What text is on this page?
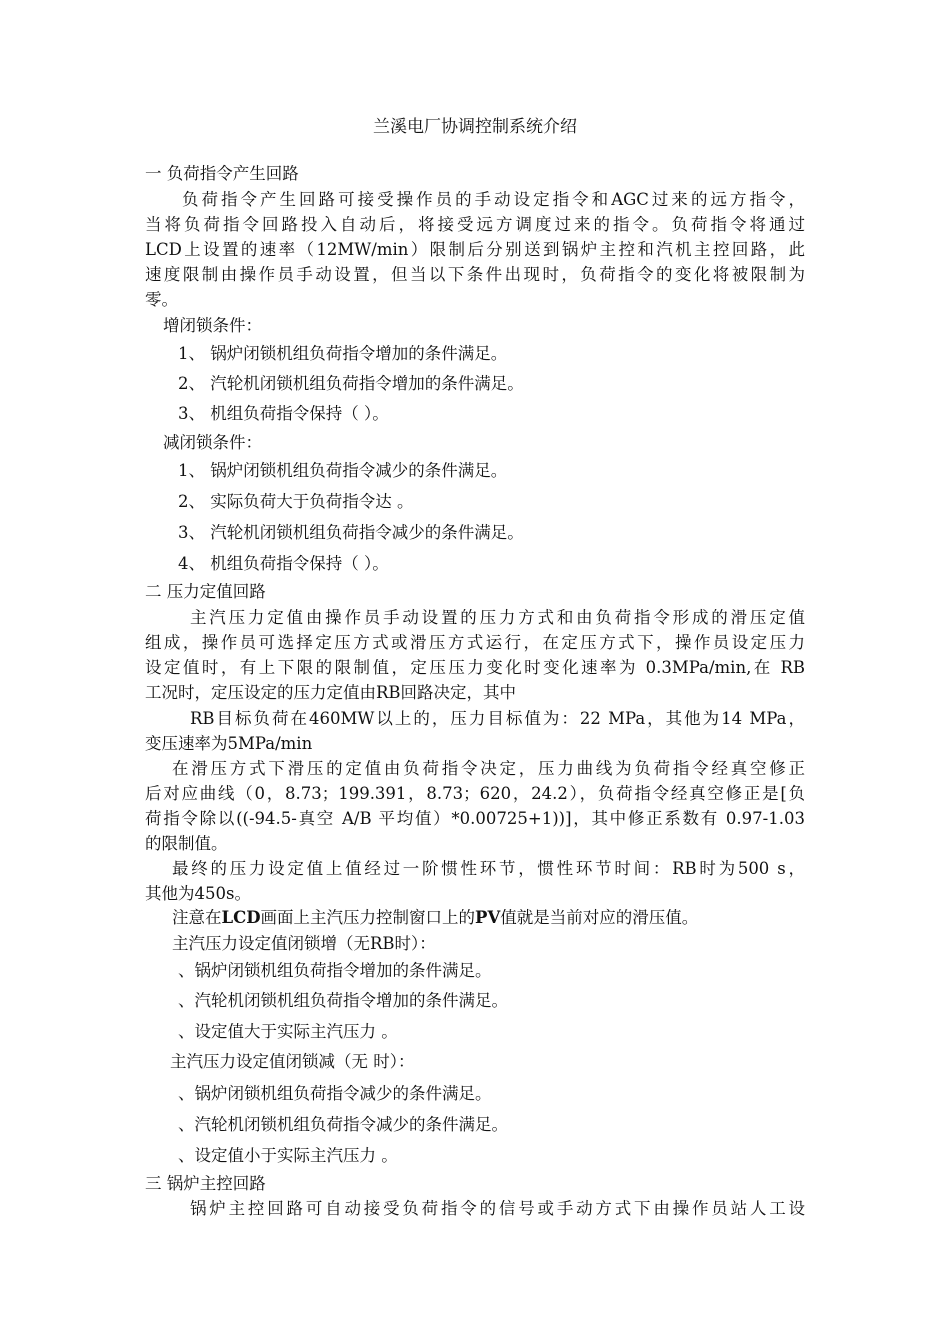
兰溪电厂协调控制系统介绍
一 负荷指令产生回路
负荷指令产生回路可接受操作员的手动设定指令和AGC过来的远方指令，
当将负荷指令回路投入自动后，将接受远方调度过来的指令。负荷指令将通过
LCD上设置的速率（12MW/min）限制后分别送到锅炉主控和汽机主控回路，此
速度限制由操作员手动设置，但当以下条件出现时，负荷指令的变化将被限制为
零。
增闭锁条件：
1、 锅炉闭锁机组负荷指令增加的条件满足。
2、 汽轮机闭锁机组负荷指令增加的条件满足。
3、 机组负荷指令保持（ ）。
减闭锁条件：
1、 锅炉闭锁机组负荷指令减少的条件满足。
2、 实际负荷大于负荷指令达 。
3、 汽轮机闭锁机组负荷指令减少的条件满足。
4、 机组负荷指令保持（ ）。
二 压力定值回路
主汽压力定值由操作员手动设置的压力方式和由负荷指令形成的滑压定值
组成，操作员可选择定压方式或滑压方式运行，在定压方式下，操作员设定压力
设定值时，有上下限的限制值，定压压力变化时变化速率为 0.3MPa/min,在 RB
工况时，定压设定的压力定值由RB回路决定，其中
RB目标负荷在460MW以上的，压力目标值为：22 MPa，其他为14 MPa，
变压速率为5MPa/min
在滑压方式下滑压的定值由负荷指令决定，压力曲线为负荷指令经真空修正
后对应曲线（0，8.73；199.391，8.73；620，24.2），负荷指令经真空修正是[负
荷指令除以((-94.5-真空 A/B 平均值）*0.00725+1))]，其中修正系数有 0.97-1.03
的限制值。
最终的压力设定值上值经过一阶惯性环节，惯性环节时间：RB时为500 s，
其他为450s。
注意在LCD画面上主汽压力控制窗口上的PV值就是当前对应的滑压值。
主汽压力设定值闭锁增（无RB时）：
、锅炉闭锁机组负荷指令增加的条件满足。
、汽轮机闭锁机组负荷指令增加的条件满足。
、设定值大于实际主汽压力 。
主汽压力设定值闭锁减（无 时）：
、锅炉闭锁机组负荷指令减少的条件满足。
、汽轮机闭锁机组负荷指令减少的条件满足。
、设定值小于实际主汽压力 。
三 锅炉主控回路
锅炉主控回路可自动接受负荷指令的信号或手动方式下由操作员站人工设
